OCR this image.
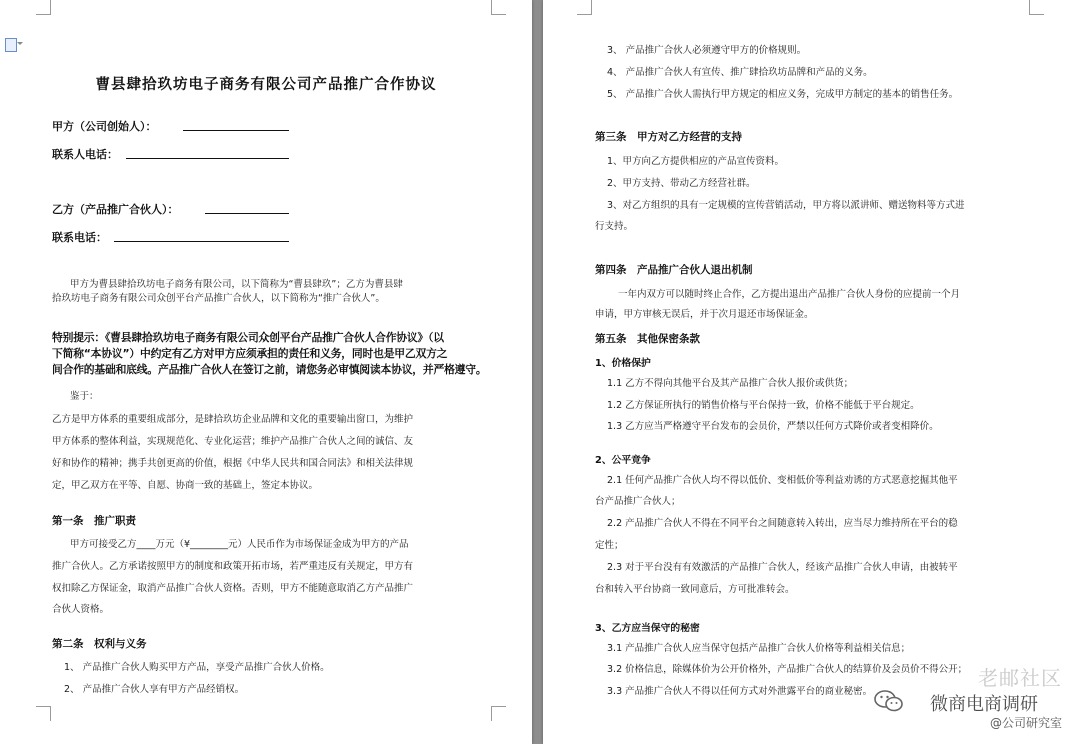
曹县肆拾玖坊电子商务有限公司产品推广合作协议
甲方（公司创始人）：
联系人电话：
乙方（产品推广合伙人）：
联系电话：
甲方为曹县肆拾玖坊电子商务有限公司，以下简称为“曹县肆玖”；乙方为曹县肆
拾玖坊电子商务有限公司众创平台产品推广合伙人，以下简称为“推广合伙人”。
特别提示：《曹县肆拾玖坊电子商务有限公司众创平台产品推广合伙人合作协议》（以
下简称“本协议”）中约定有乙方对甲方应须承担的责任和义务，同时也是甲乙双方之
间合作的基础和底线。产品推广合伙人在签订之前，请您务必审慎阅读本协议，并严格遵守。
鉴于：
乙方是甲方体系的重要组成部分，是肆拾玖坊企业品牌和文化的重要输出窗口，为维护
甲方体系的整体利益，实现规范化、专业化运营；维护产品推广合伙人之间的诚信、友
好和协作的精神；携手共创更高的价值，根据《中华人民共和国合同法》和相关法律规
定，甲乙双方在平等、自愿、协商一致的基础上，签定本协议。
第一条　推广职责
甲方可接受乙方____万元（¥________元）人民币作为市场保证金成为甲方的产品
推广合伙人。乙方承诺按照甲方的制度和政策开拓市场，若严重违反有关规定，甲方有
权扣除乙方保证金，取消产品推广合伙人资格。否则，甲方不能随意取消乙方产品推广
合伙人资格。
第二条　权利与义务
1、 产品推广合伙人购买甲方产品，享受产品推广合伙人价格。
2、 产品推广合伙人享有甲方产品经销权。
3、 产品推广合伙人必须遵守甲方的价格规则。
4、 产品推广合伙人有宣传、推广肆拾玖坊品牌和产品的义务。
5、 产品推广合伙人需执行甲方规定的相应义务，完成甲方制定的基本的销售任务。
第三条　甲方对乙方经营的支持
1、甲方向乙方提供相应的产品宣传资料。
2、甲方支持、带动乙方经营社群。
3、对乙方组织的具有一定规模的宣传营销活动，甲方将以派讲师、赠送物料等方式进
行支持。
第四条　产品推广合伙人退出机制
一年内双方可以随时终止合作，乙方提出退出产品推广合伙人身份的应提前一个月
申请，甲方审核无误后，并于次月退还市场保证金。
第五条　其他保密条款
1、价格保护
1.1 乙方不得向其他平台及其产品推广合伙人报价或供货；
1.2 乙方保证所执行的销售价格与平台保持一致，价格不能低于平台规定。
1.3 乙方应当严格遵守平台发布的会员价，严禁以任何方式降价或者变相降价。
2、公平竞争
2.1 任何产品推广合伙人均不得以低价、变相低价等利益劝诱的方式恶意挖掘其他平
台产品推广合伙人；
2.2 产品推广合伙人不得在不同平台之间随意转入转出，应当尽力维持所在平台的稳
定性；
2.3 对于平台没有有效激活的产品推广合伙人，经该产品推广合伙人申请，由被转平
台和转入平台协商一致同意后，方可批准转会。
3、乙方应当保守的秘密
3.1 产品推广合伙人应当保守包括产品推广合伙人价格等利益相关信息；
3.2 价格信息，除媒体价为公开价格外，产品推广合伙人的结算价及会员价不得公开；
3.3 产品推广合伙人不得以任何方式对外泄露平台的商业秘密。
老邮社区
微商电商调研
@公司研究室
